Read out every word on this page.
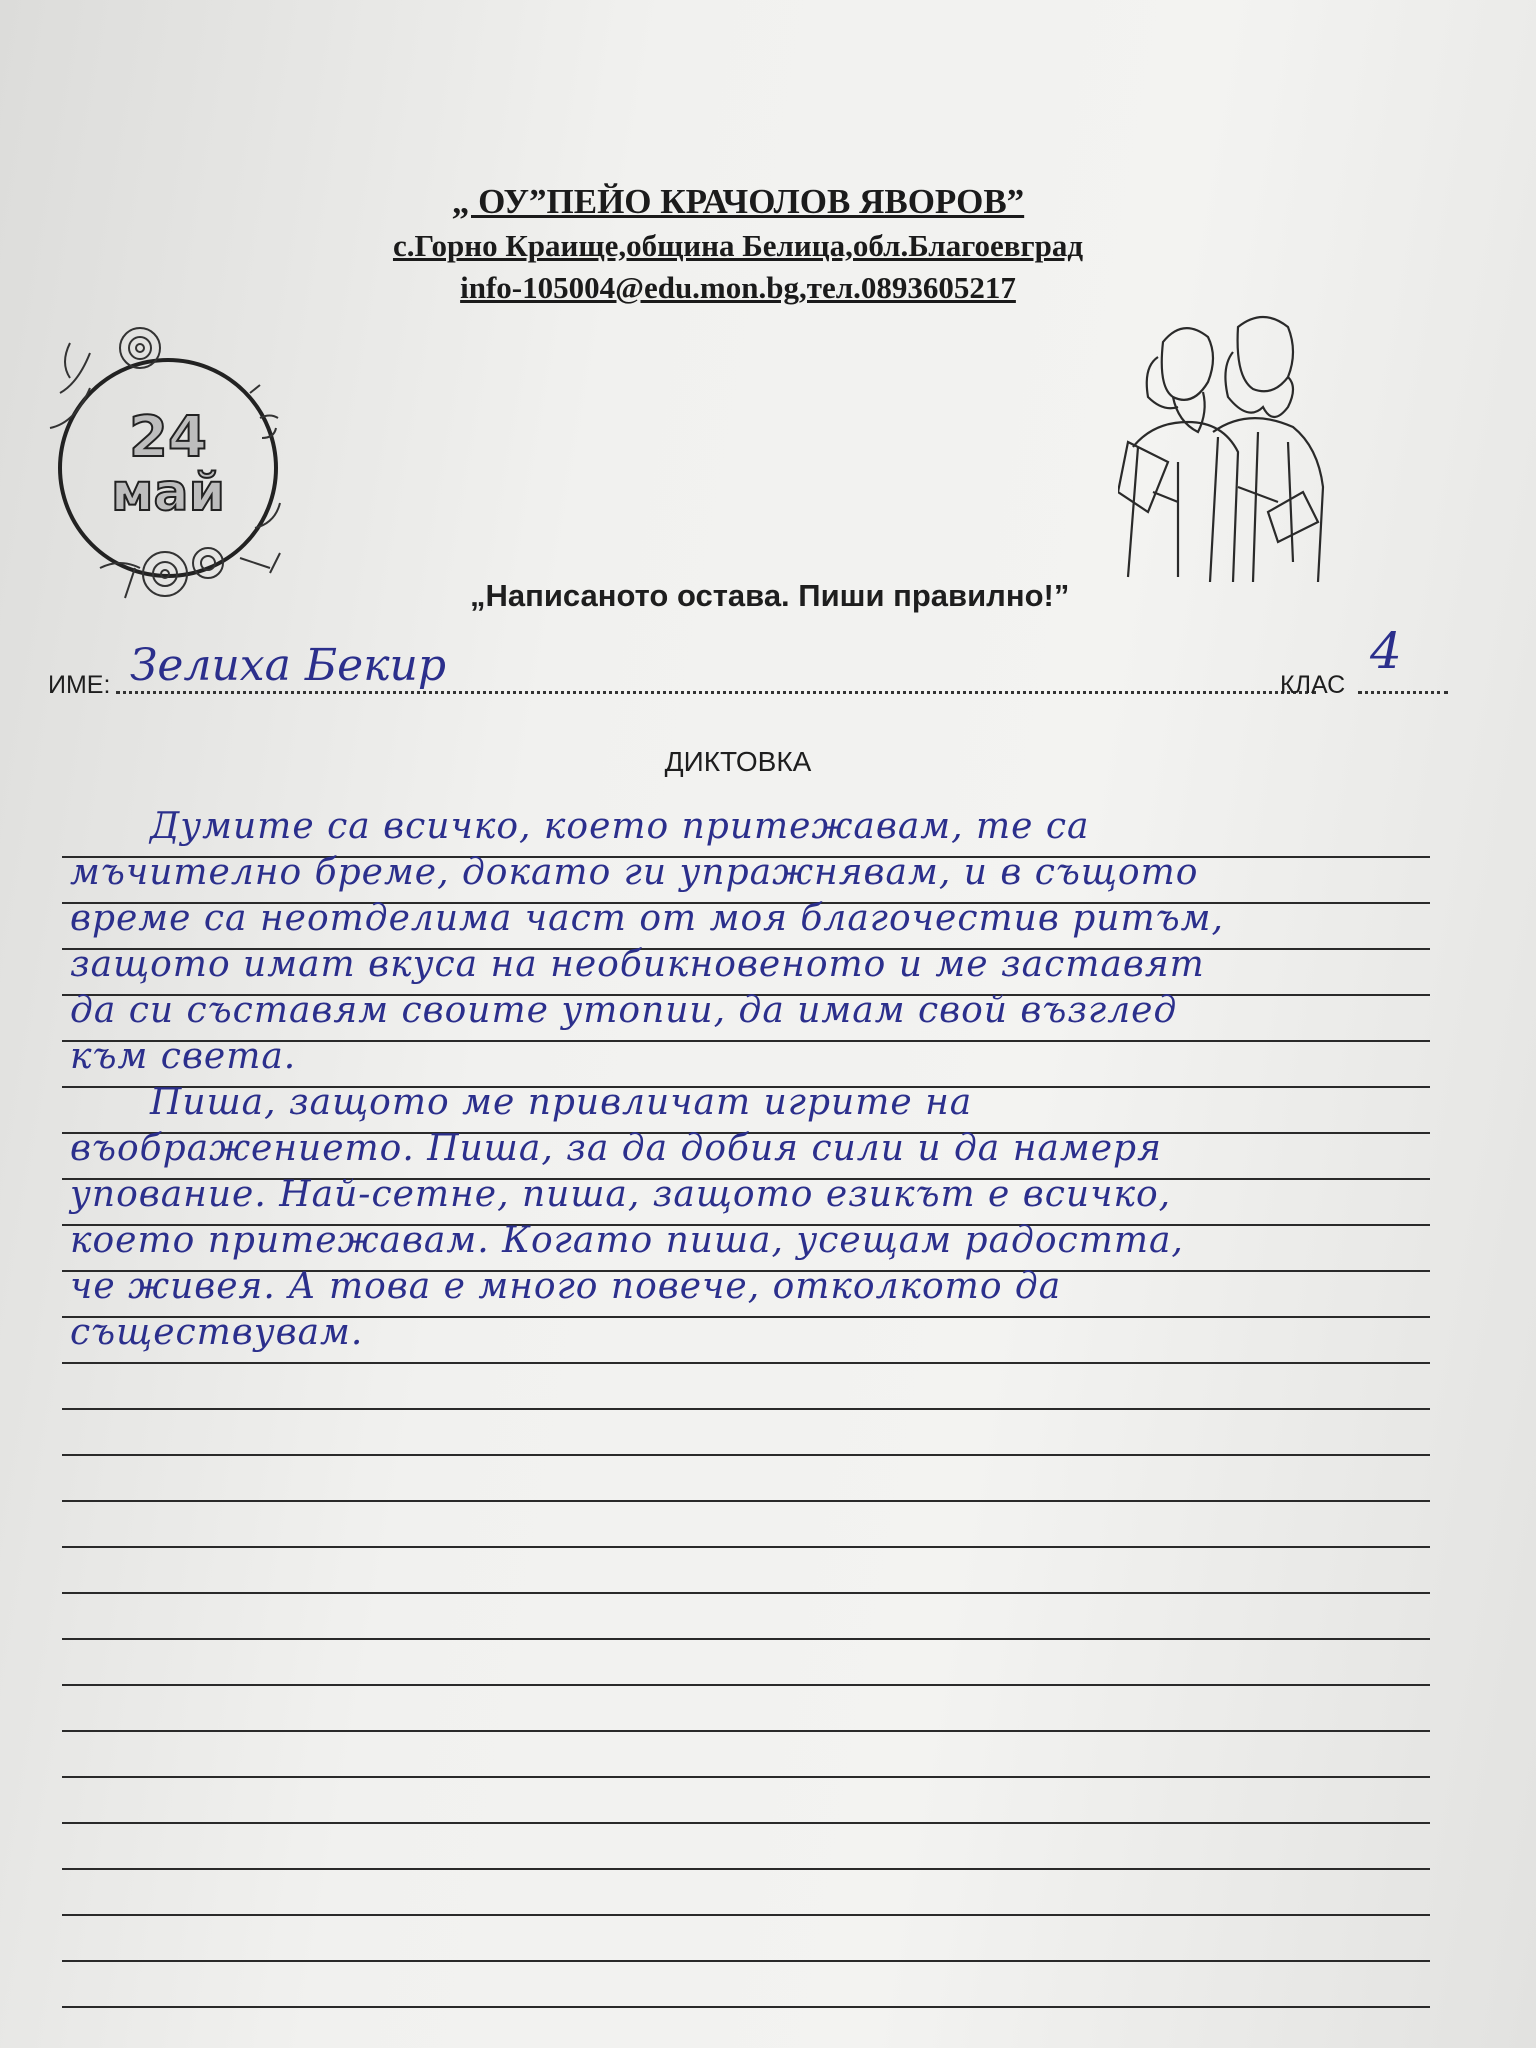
„ ОУ”ПЕЙО КРАЧОЛОВ ЯВОРОВ”
с.Горно Краище,община Белица,обл.Благоевград
info-105004@edu.mon.bg,тел.0893605217
24
май
„Написаното остава. Пиши правилно!”
ИМЕ:	КЛАС
Зелиха Бекир	4
ДИКТОВКА
Думите са всичко, което притежавам, те са
мъчително бреме, докато ги упражнявам, и в същото
време са неотделима част от моя благочестив ритъм,
защото имат вкуса на необикновеното и ме заставят
да си съставям своите утопии, да имам свой възглед
към света.
Пиша, защото ме привличат игрите на
въображението. Пиша, за да добия сили и да намеря
упование. Най-сетне, пиша, защото езикът е всичко,
което притежавам. Когато пиша, усещам радостта,
че живея. А това е много повече, отколкото да
съществувам.
